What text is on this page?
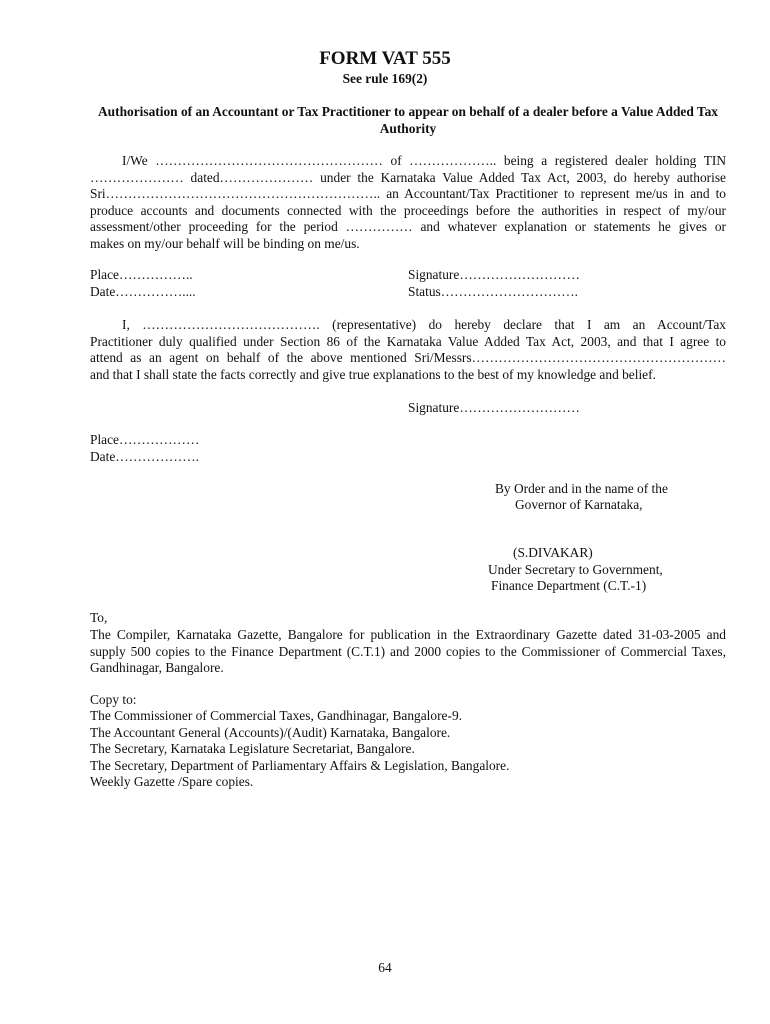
FORM VAT 555
See rule 169(2)
Authorisation of an Accountant or Tax Practitioner to appear on behalf of a dealer before a Value Added Tax Authority
I/We …………………………………………… of ……………….. being a registered dealer holding TIN
………………… dated………………… under the Karnataka Value Added Tax Act, 2003, do hereby authorise
Sri…………………………………………………….. an Accountant/Tax Practitioner to represent me/us in and to
produce accounts and documents connected with the proceedings before the authorities in respect of my/our
assessment/other proceeding for the period …………… and whatever explanation or statements he gives or
makes on my/our behalf will be binding on me/us.
Place……………..
Date……………....
Signature………………………
Status………………………….
I, …………………………………. (representative) do hereby declare that I am an Account/Tax
Practitioner duly qualified under Section 86 of the Karnataka Value Added Tax Act, 2003, and that I agree to
attend as an agent on behalf of the above mentioned Sri/Messrs…………………………………………………
and that I shall state the facts correctly and give true explanations to the best of my knowledge and belief.
Signature………………………
Place………………
Date……………….
By Order and in the name of the
Governor of Karnataka,
(S.DIVAKAR)
Under Secretary to Government,
Finance Department (C.T.-1)
To,
The Compiler, Karnataka Gazette, Bangalore for publication in the Extraordinary Gazette dated 31-03-2005 and
supply 500 copies to the Finance Department (C.T.1) and 2000 copies to the Commissioner of Commercial Taxes,
Gandhinagar, Bangalore.
Copy to:
The Commissioner of Commercial Taxes, Gandhinagar, Bangalore-9.
The Accountant General (Accounts)/(Audit) Karnataka, Bangalore.
The Secretary, Karnataka Legislature Secretariat, Bangalore.
The Secretary, Department of Parliamentary Affairs & Legislation, Bangalore.
Weekly Gazette /Spare copies.
64
